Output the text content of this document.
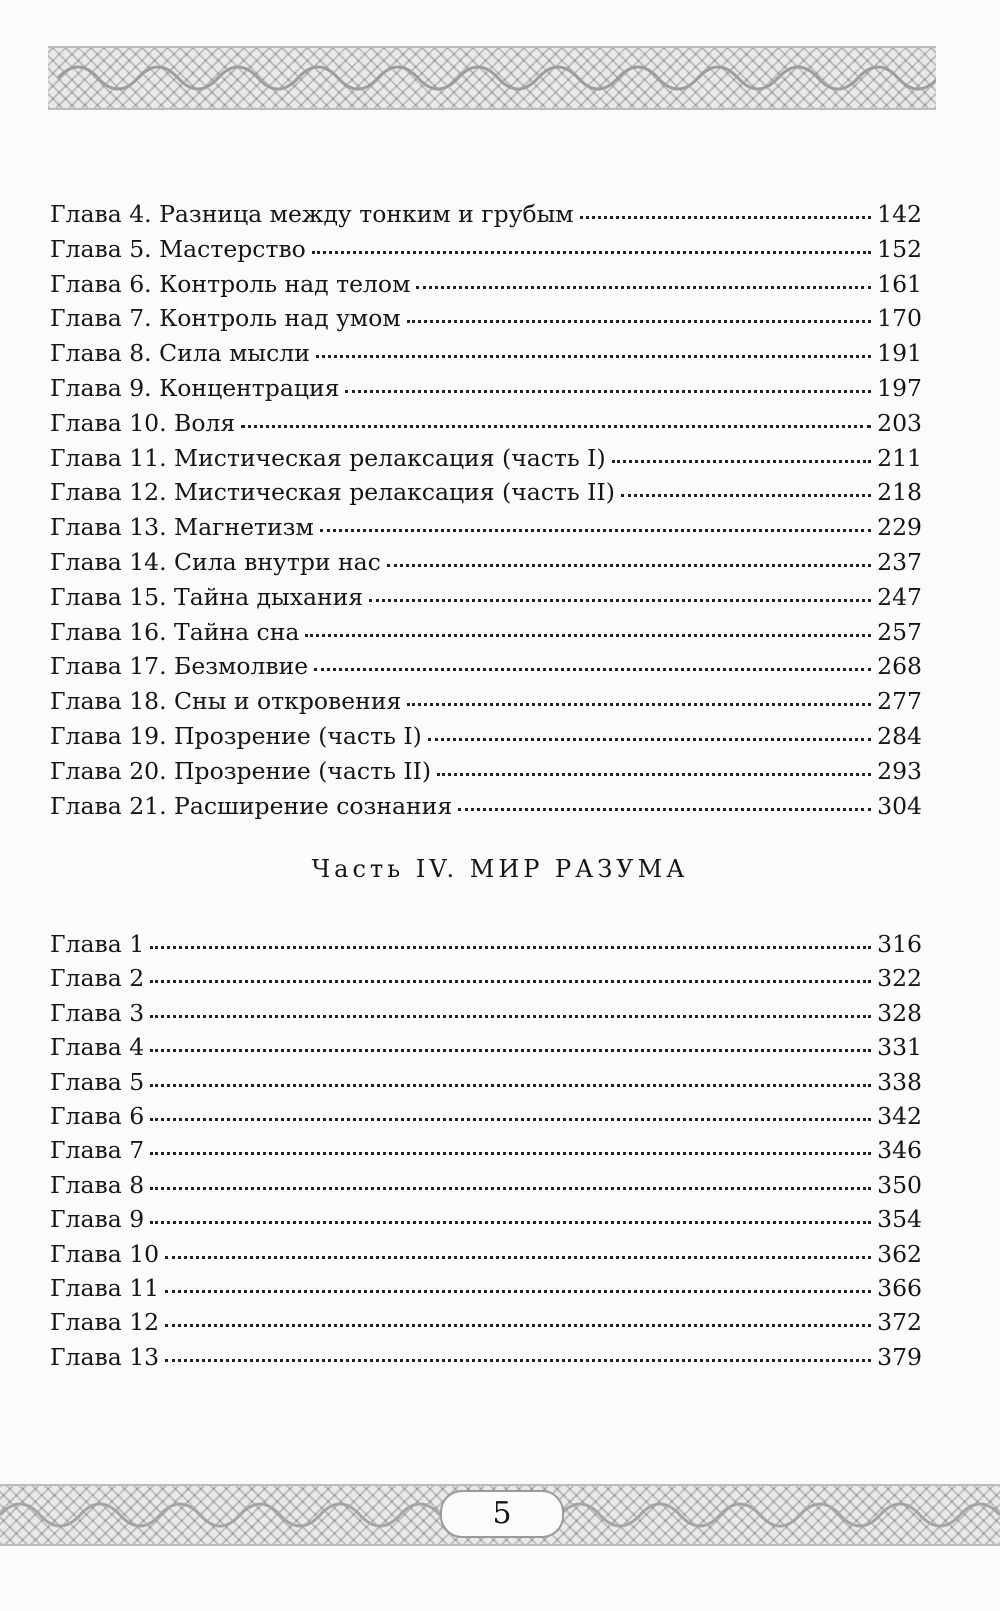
Глава 4. Разница между тонким и грубым	142
Глава 5. Мастерство	152
Глава 6. Контроль над телом	161
Глава 7. Контроль над умом	170
Глава 8. Сила мысли	191
Глава 9. Концентрация	197
Глава 10. Воля	203
Глава 11. Мистическая релаксация (часть I)	211
Глава 12. Мистическая релаксация (часть II)	218
Глава 13. Магнетизм	229
Глава 14. Сила внутри нас	237
Глава 15. Тайна дыхания	247
Глава 16. Тайна сна	257
Глава 17. Безмолвие	268
Глава 18. Сны и откровения	277
Глава 19. Прозрение (часть I)	284
Глава 20. Прозрение (часть II)	293
Глава 21. Расширение сознания	304
Часть IV. МИР РАЗУМА
Глава 1	316
Глава 2	322
Глава 3	328
Глава 4	331
Глава 5	338
Глава 6	342
Глава 7	346
Глава 8	350
Глава 9	354
Глава 10	362
Глава 11	366
Глава 12	372
Глава 13	379
5
